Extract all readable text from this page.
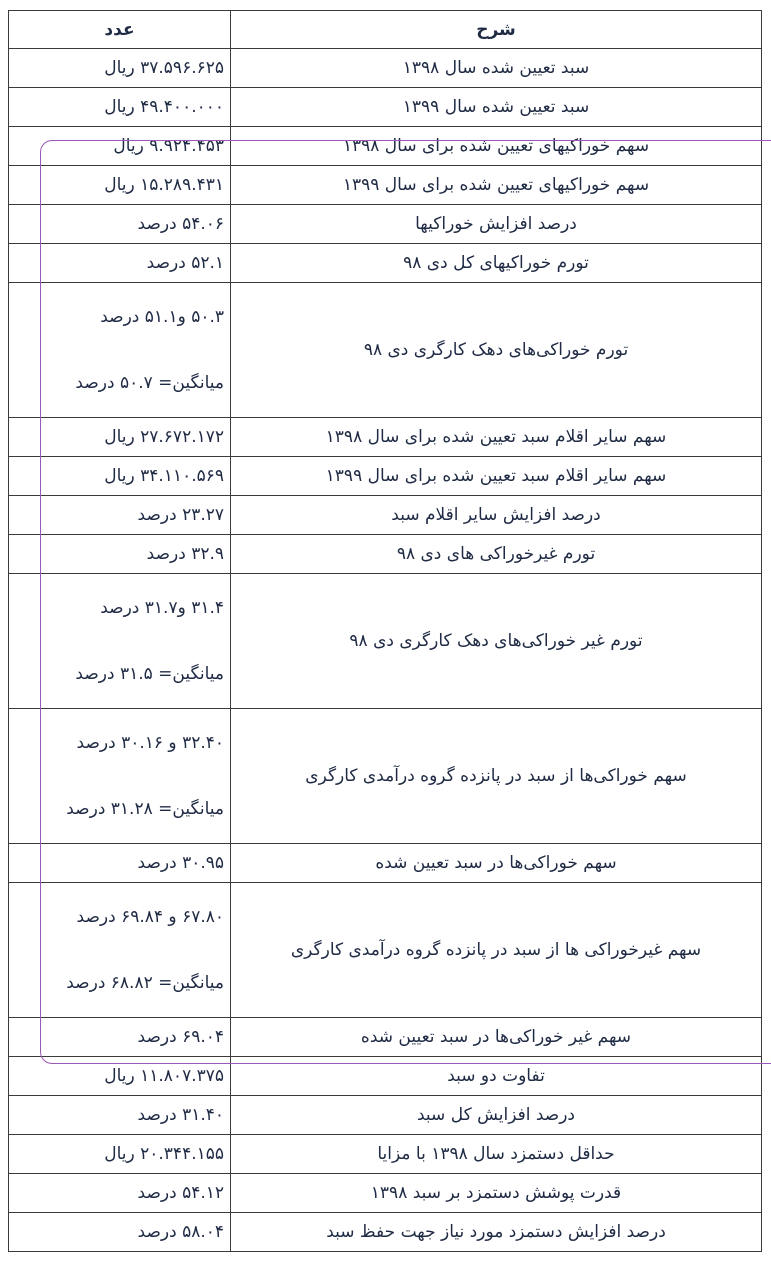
شرح	عدد
سبد تعیین شده سال ۱۳۹۸	۳۷.۵۹۶.۶۲۵ ریال
سبد تعیین شده سال ۱۳۹۹	۴۹.۴۰۰.۰۰۰ ریال
سهم خوراکیهای تعیین شده برای سال ۱۳۹۸	۹.۹۲۴.۴۵۳ ریال
سهم خوراکیهای تعیین شده برای سال ۱۳۹۹	۱۵.۲۸۹.۴۳۱ ریال
درصد افزایش خوراکیها	۵۴.۰۶ درصد
تورم خوراکیهای کل دی ۹۸	۵۲.۱ درصد
تورم خوراکی‌های دهک کارگری دی ۹۸	۵۰.۳ و۵۱.۱ درصد
میانگین= ۵۰.۷ درصد

سهم سایر اقلام سبد تعیین شده برای سال ۱۳۹۸	۲۷.۶۷۲.۱۷۲ ریال
سهم سایر اقلام سبد تعیین شده برای سال ۱۳۹۹	۳۴.۱۱۰.۵۶۹ ریال
درصد افزایش سایر اقلام سبد	۲۳.۲۷ درصد
تورم غیرخوراکی های دی ۹۸	۳۲.۹ درصد
تورم غیر خوراکی‌های دهک کارگری دی ۹۸	۳۱.۴ و۳۱.۷ درصد
میانگین= ۳۱.۵ درصد

سهم خوراکی‌ها از سبد در پانزده گروه درآمدی کارگری	۳۲.۴۰ و ۳۰.۱۶ درصد
میانگین= ۳۱.۲۸ درصد

سهم خوراکی‌ها در سبد تعیین شده	۳۰.۹۵ درصد
سهم غیرخوراکی ها از سبد در پانزده گروه درآمدی کارگری	۶۷.۸۰ و ۶۹.۸۴ درصد
میانگین= ۶۸.۸۲ درصد

سهم غیر خوراکی‌ها در سبد تعیین شده	۶۹.۰۴ درصد
تفاوت دو سبد	۱۱.۸۰۷.۳۷۵ ریال
درصد افزایش کل سبد	۳۱.۴۰ درصد
حداقل دستمزد سال ۱۳۹۸ با مزایا	۲۰.۳۴۴.۱۵۵ ریال
قدرت پوشش دستمزد بر سبد ۱۳۹۸	۵۴.۱۲ درصد
درصد افزایش دستمزد مورد نیاز جهت حفظ سبد	۵۸.۰۴ درصد
